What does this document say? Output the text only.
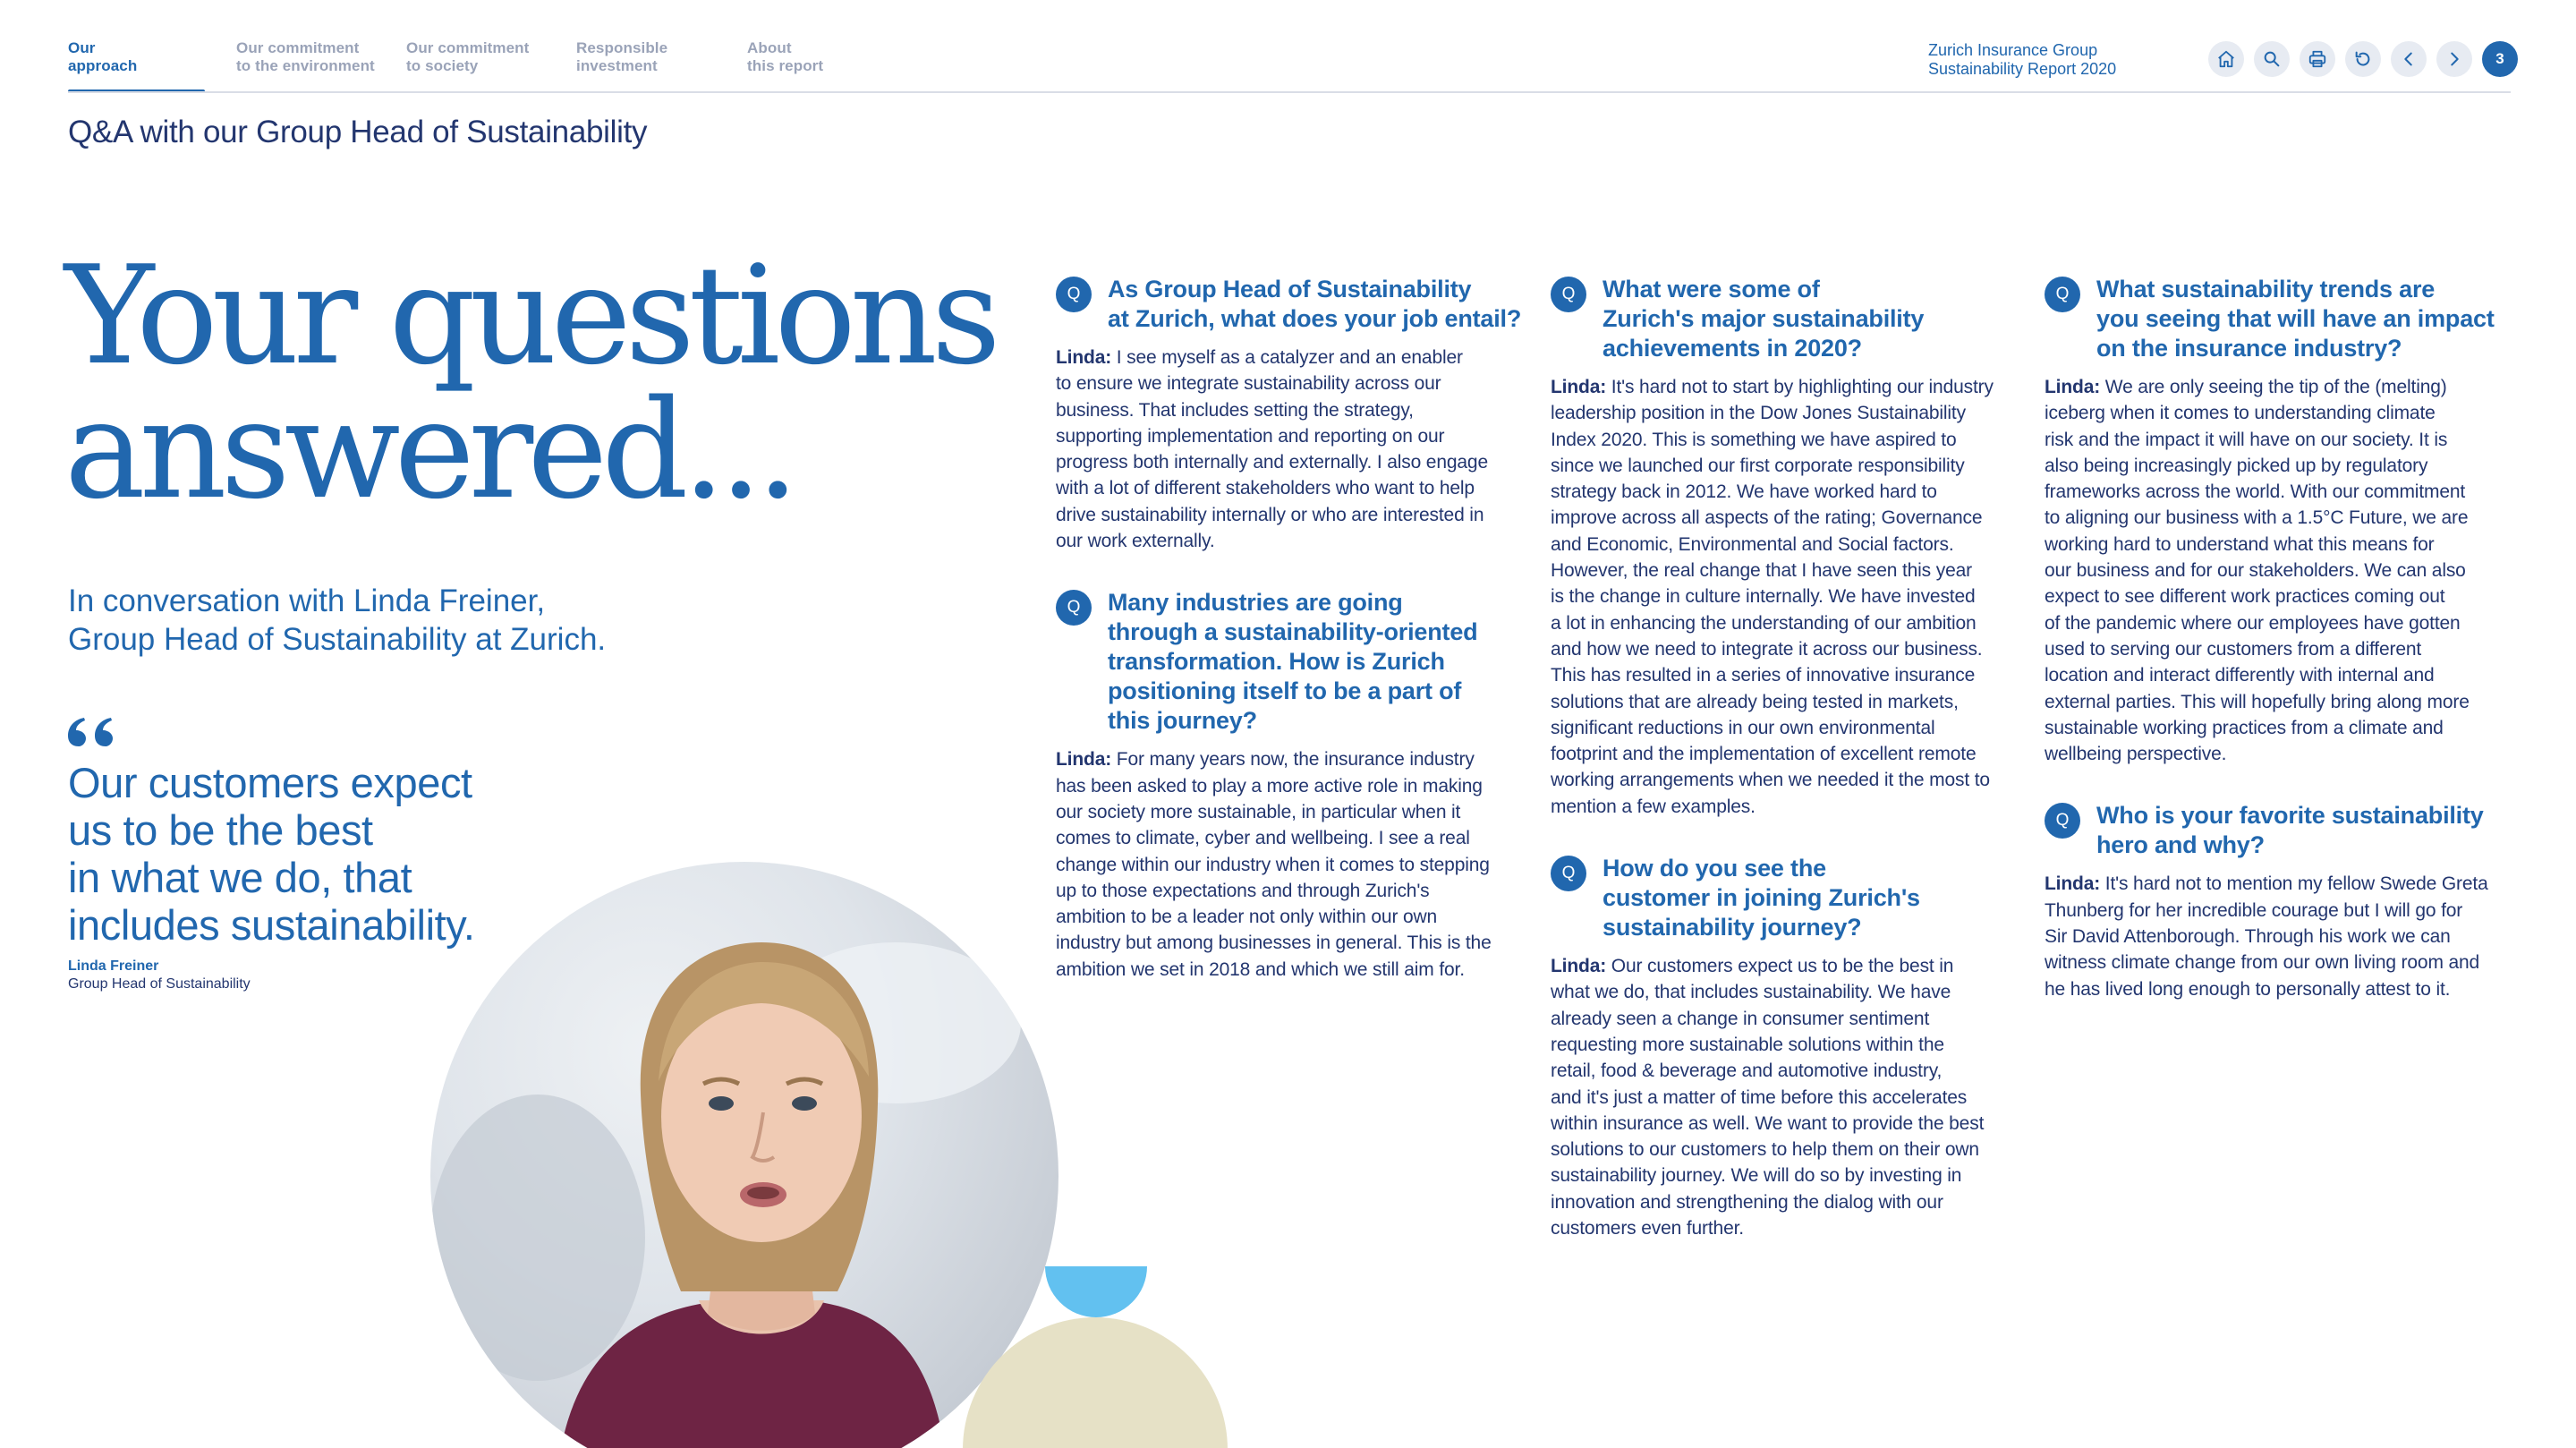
Our
approach
Our commitment
to the environment
Our commitment
to society
Responsible
investment
About
this report
Zurich Insurance Group
Sustainability Report 2020
3
Q&A with our Group Head of Sustainability
Your questions
answered...
In conversation with Linda Freiner,
Group Head of Sustainability at Zurich.
Our customers expect
us to be the best
in what we do, that
includes sustainability.
Linda Freiner
Group Head of Sustainability
Q	As Group Head of Sustainability
at Zurich, what does your job entail?
Linda: I see myself as a catalyzer and an enabler
to ensure we integrate sustainability across our
business. That includes setting the strategy,
supporting implementation and reporting on our
progress both internally and externally. I also engage
with a lot of different stakeholders who want to help
drive sustainability internally or who are interested in
our work externally.
Q	Many industries are going
through a sustainability-oriented
transformation. How is Zurich
positioning itself to be a part of
this journey?
Linda: For many years now, the insurance industry
has been asked to play a more active role in making
our society more sustainable, in particular when it
comes to climate, cyber and wellbeing. I see a real
change within our industry when it comes to stepping
up to those expectations and through Zurich's
ambition to be a leader not only within our own
industry but among businesses in general. This is the
ambition we set in 2018 and which we still aim for.
Q	What were some of
Zurich's major sustainability
achievements in 2020?
Linda: It's hard not to start by highlighting our industry
leadership position in the Dow Jones Sustainability
Index 2020. This is something we have aspired to
since we launched our first corporate responsibility
strategy back in 2012. We have worked hard to
improve across all aspects of the rating; Governance
and Economic, Environmental and Social factors.
However, the real change that I have seen this year
is the change in culture internally. We have invested
a lot in enhancing the understanding of our ambition
and how we need to integrate it across our business.
This has resulted in a series of innovative insurance
solutions that are already being tested in markets,
significant reductions in our own environmental
footprint and the implementation of excellent remote
working arrangements when we needed it the most to
mention a few examples.
Q	How do you see the
customer in joining Zurich's
sustainability journey?
Linda: Our customers expect us to be the best in
what we do, that includes sustainability. We have
already seen a change in consumer sentiment
requesting more sustainable solutions within the
retail, food & beverage and automotive industry,
and it's just a matter of time before this accelerates
within insurance as well. We want to provide the best
solutions to our customers to help them on their own
sustainability journey. We will do so by investing in
innovation and strengthening the dialog with our
customers even further.
Q	What sustainability trends are
you seeing that will have an impact
on the insurance industry?
Linda: We are only seeing the tip of the (melting)
iceberg when it comes to understanding climate
risk and the impact it will have on our society. It is
also being increasingly picked up by regulatory
frameworks across the world. With our commitment
to aligning our business with a 1.5°C Future, we are
working hard to understand what this means for
our business and for our stakeholders. We can also
expect to see different work practices coming out
of the pandemic where our employees have gotten
used to serving our customers from a different
location and interact differently with internal and
external parties. This will hopefully bring along more
sustainable working practices from a climate and
wellbeing perspective.
Q	Who is your favorite sustainability
hero and why?
Linda: It's hard not to mention my fellow Swede Greta
Thunberg for her incredible courage but I will go for
Sir David Attenborough. Through his work we can
witness climate change from our own living room and
he has lived long enough to personally attest to it.
